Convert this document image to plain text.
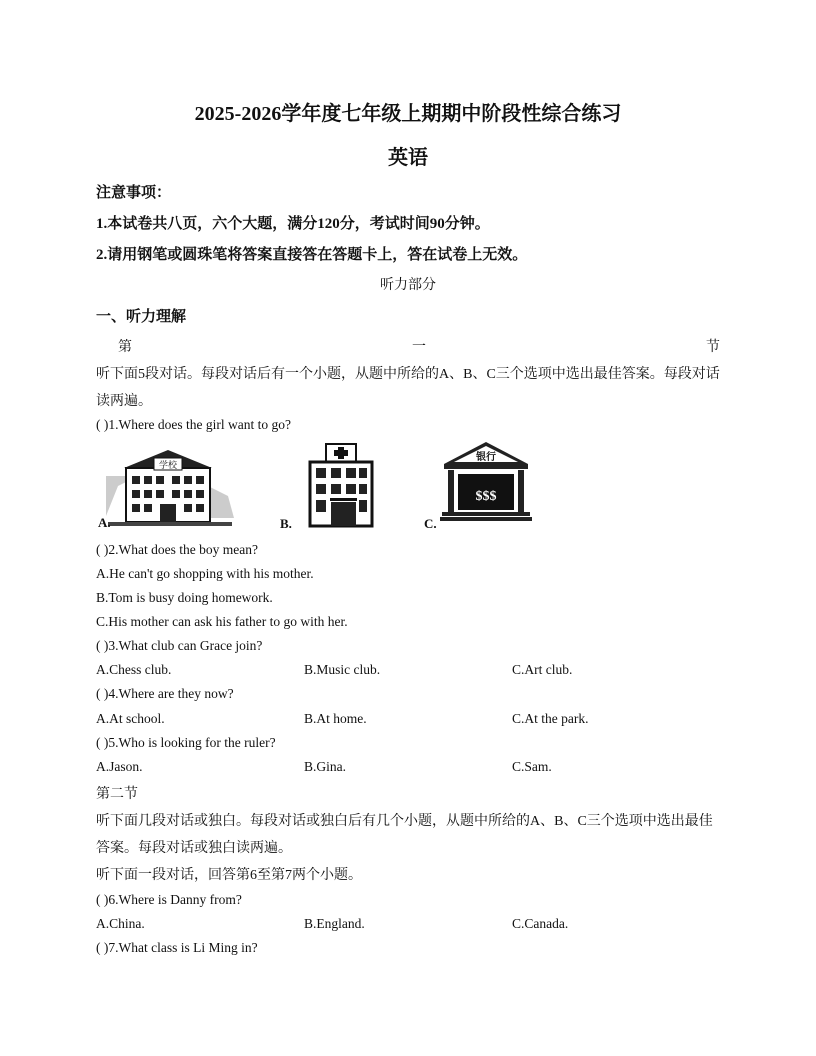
2025-2026学年度七年级上期期中阶段性综合练习
英语
注意事项：
1.本试卷共八页，六个大题，满分120分，考试时间90分钟。
2.请用钢笔或圆珠笔将答案直接答在答题卡上，答在试卷上无效。
听力部分
一、听力理解
第	一	节
听下面5段对话。每段对话后有一个小题，从题中所给的A、B、C三个选项中选出最佳答案。每段对话
读两遍。
( )1.Where does the girl want to go?
学校
A.	B.
银行
$$$
C.
( )2.What does the boy mean?
A.He can't go shopping with his mother.
B.Tom is busy doing homework.
C.His mother can ask his father to go with her.
( )3.What club can Grace join?
A.Chess club.	B.Music club.	C.Art club.
( )4.Where are they now?
A.At school.	B.At home.	C.At the park.
( )5.Who is looking for the ruler?
A.Jason.	B.Gina.	C.Sam.
第二节
听下面几段对话或独白。每段对话或独白后有几个小题，从题中所给的A、B、C三个选项中选出最佳
答案。每段对话或独白读两遍。
听下面一段对话，回答第6至第7两个小题。
( )6.Where is Danny from?
A.China.	B.England.	C.Canada.
( )7.What class is Li Ming in?
